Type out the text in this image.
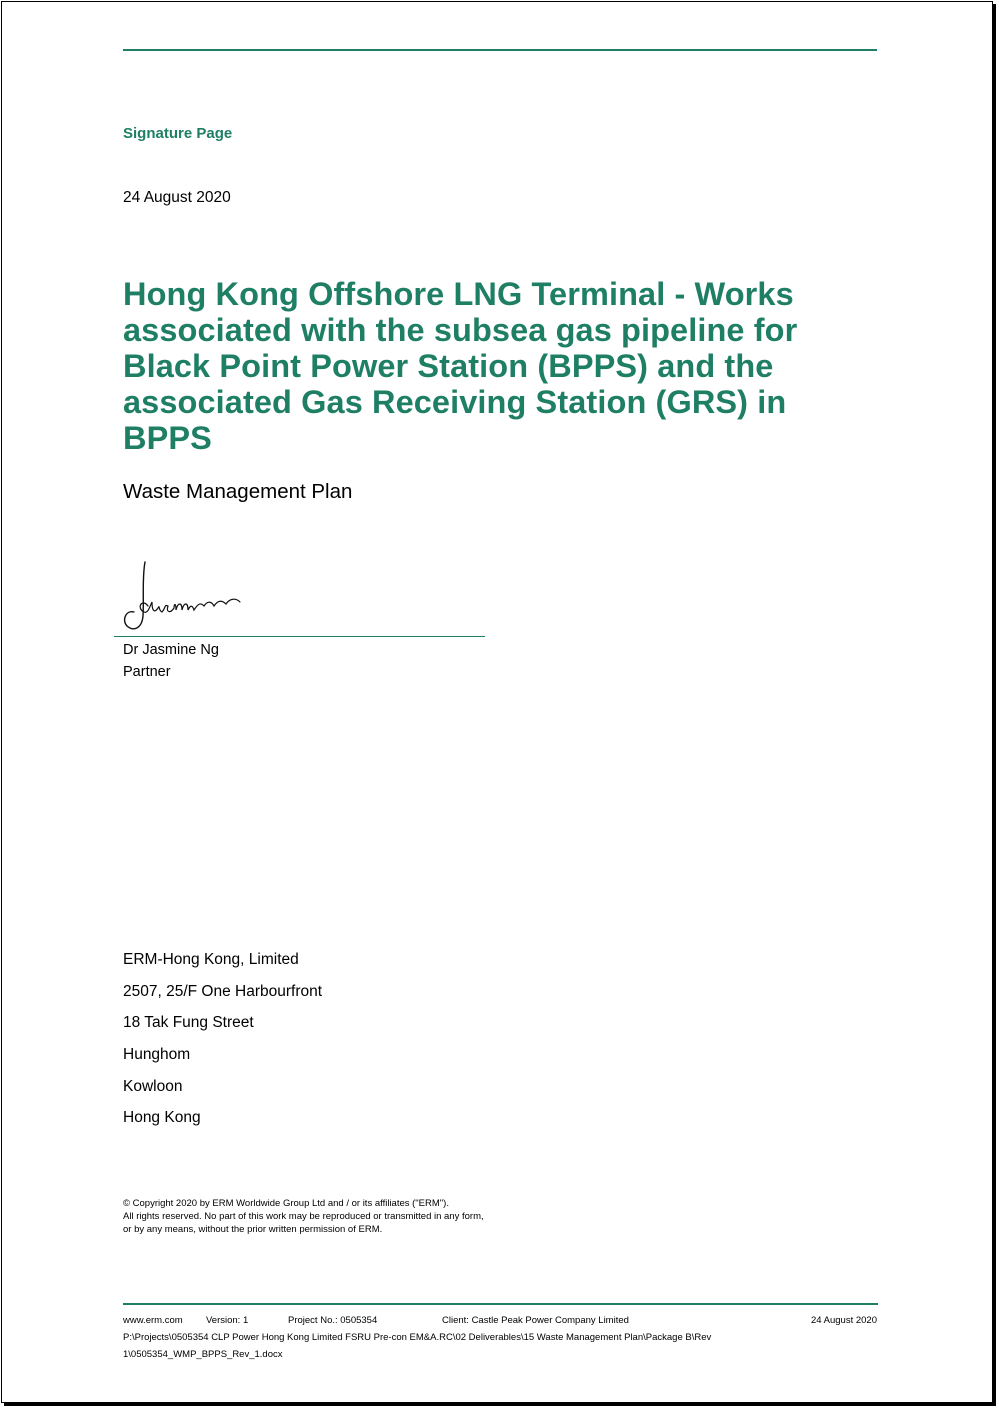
Signature Page
24 August 2020
Hong Kong Offshore LNG Terminal - Works
associated with the subsea gas pipeline for
Black Point Power Station (BPPS) and the
associated Gas Receiving Station (GRS) in
BPPS
Waste Management Plan
Dr Jasmine Ng
Partner
ERM-Hong Kong, Limited
2507, 25/F One Harbourfront
18 Tak Fung Street
Hunghom
Kowloon
Hong Kong
© Copyright 2020 by ERM Worldwide Group Ltd and / or its affiliates ("ERM").
All rights reserved. No part of this work may be reproduced or transmitted in any form,
or by any means, without the prior written permission of ERM.
www.erm.com Version: 1	Project No.: 0505354	Client: Castle Peak Power Company Limited	24 August 2020
P:\Projects\0505354 CLP Power Hong Kong Limited FSRU Pre-con EM&A.RC\02 Deliverables\15 Waste Management Plan\Package B\Rev
1\0505354_WMP_BPPS_Rev_1.docx
